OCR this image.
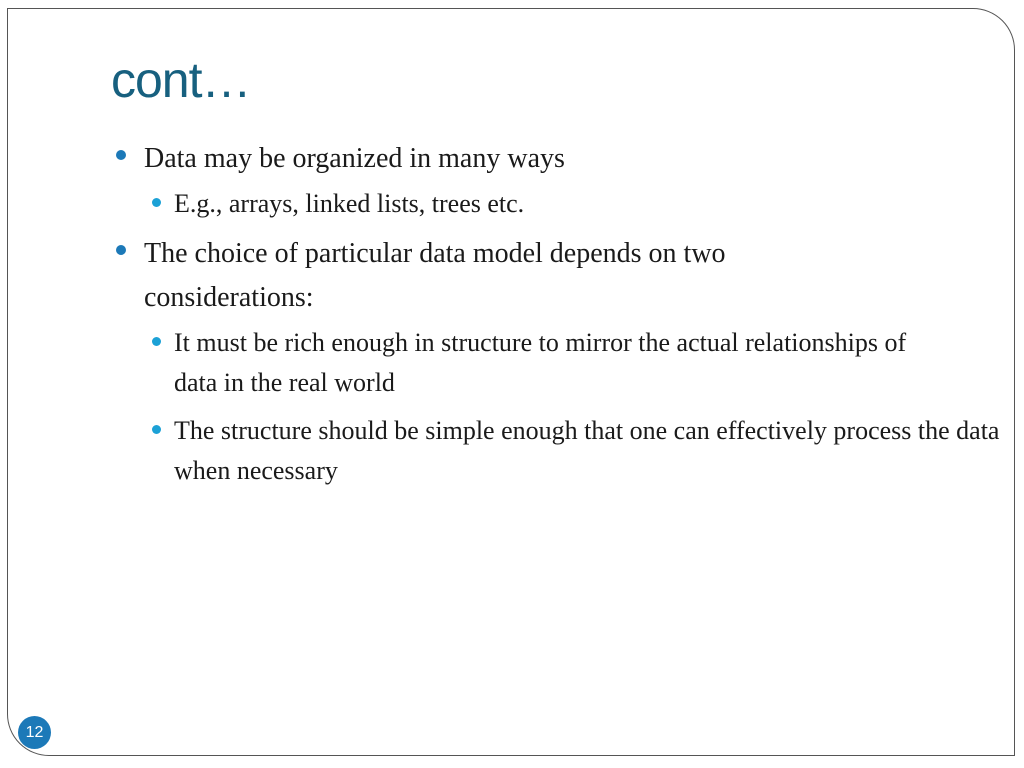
cont…
Data may be organized in many ways
E.g., arrays, linked lists, trees etc.
The choice of particular data model depends on two considerations:
It must be rich enough in structure to mirror the actual relationships of data in the real world
The structure should be simple enough that one can effectively process the data when necessary
12
